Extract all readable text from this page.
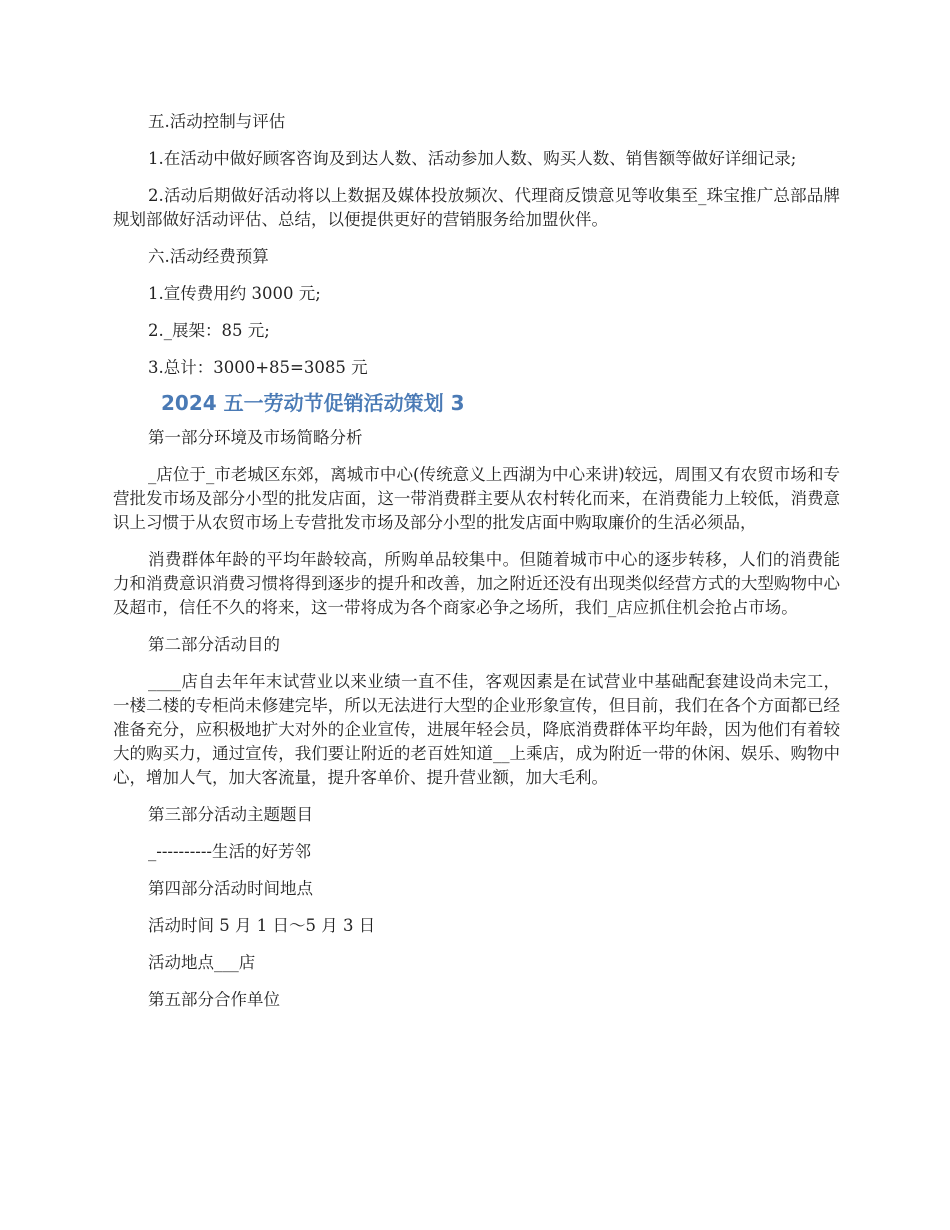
五.活动控制与评估

1.在活动中做好顾客咨询及到达人数、活动参加人数、购买人数、销售额等做好详细记录;

2.活动后期做好活动将以上数据及媒体投放频次、代理商反馈意见等收集至_珠宝推广总部品牌规划部做好活动评估、总结，以便提供更好的营销服务给加盟伙伴。

六.活动经费预算

1.宣传费用约 3000 元;

2._展架：85 元;

3.总计：3000+85=3085 元

2024 五一劳动节促销活动策划 3

第一部分环境及市场简略分析

_店位于_市老城区东郊，离城市中心(传统意义上西湖为中心来讲)较远，周围又有农贸市场和专营批发市场及部分小型的批发店面，这一带消费群主要从农村转化而来，在消费能力上较低，消费意识上习惯于从农贸市场上专营批发市场及部分小型的批发店面中购取廉价的生活必须品，

消费群体年龄的平均年龄较高，所购单品较集中。但随着城市中心的逐步转移，人们的消费能力和消费意识消费习惯将得到逐步的提升和改善，加之附近还没有出现类似经营方式的大型购物中心及超市，信任不久的将来，这一带将成为各个商家必争之场所，我们_店应抓住机会抢占市场。

第二部分活动目的

____店自去年年末试营业以来业绩一直不佳，客观因素是在试营业中基础配套建设尚未完工，一楼二楼的专柜尚未修建完毕，所以无法进行大型的企业形象宣传，但目前，我们在各个方面都已经准备充分，应积极地扩大对外的企业宣传，进展年轻会员，降底消费群体平均年龄，因为他们有着较大的购买力，通过宣传，我们要让附近的老百姓知道__上乘店，成为附近一带的休闲、娱乐、购物中心，增加人气，加大客流量，提升客单价、提升营业额，加大毛利。

第三部分活动主题题目

_----------生活的好芳邻

第四部分活动时间地点

活动时间 5 月 1 日～5 月 3 日

活动地点___店

第五部分合作单位
